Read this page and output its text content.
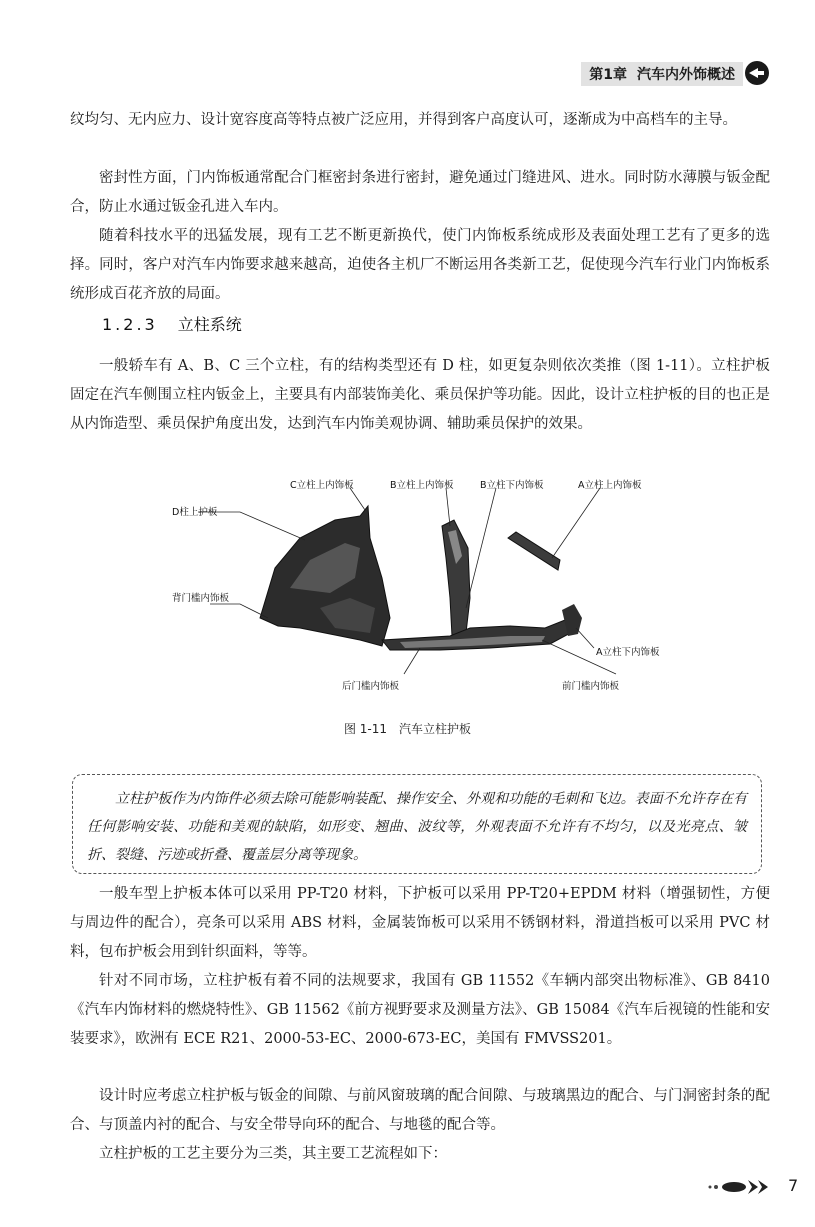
第1章 汽车内外饰概述

纹均匀、无内应力、设计宽容度高等特点被广泛应用，并得到客户高度认可，逐渐成为中高档车的主导。

密封性方面，门内饰板通常配合门框密封条进行密封，避免通过门缝进风、进水。同时防水薄膜与钣金配合，防止水通过钣金孔进入车内。

随着科技水平的迅猛发展，现有工艺不断更新换代，使门内饰板系统成形及表面处理工艺有了更多的选择。同时，客户对汽车内饰要求越来越高，迫使各主机厂不断运用各类新工艺，促使现今汽车行业门内饰板系统形成百花齐放的局面。

1.2.3 立柱系统

一般轿车有 A、B、C 三个立柱，有的结构类型还有 D 柱，如更复杂则依次类推（图 1-11）。立柱护板固定在汽车侧围立柱内钣金上，主要具有内部装饰美化、乘员保护等功能。因此，设计立柱护板的目的也正是从内饰造型、乘员保护角度出发，达到汽车内饰美观协调、辅助乘员保护的效果。

C立柱上内饰板	B立柱上内饰板	B立柱下内饰板	A立柱上内饰板
D柱上护板
背门槛内饰板
A立柱下内饰板
后门槛内饰板	前门槛内饰板
图 1-11　汽车立柱护板

立柱护板作为内饰件必须去除可能影响装配、操作安全、外观和功能的毛刺和飞边。表面不允许存在有任何影响安装、功能和美观的缺陷，如形变、翘曲、波纹等，外观表面不允许有不均匀，以及光亮点、皱折、裂缝、污迹或折叠、覆盖层分离等现象。

一般车型上护板本体可以采用 PP-T20 材料，下护板可以采用 PP-T20+EPDM 材料（增强韧性，方便与周边件的配合），亮条可以采用 ABS 材料，金属装饰板可以采用不锈钢材料，滑道挡板可以采用 PVC 材料，包布护板会用到针织面料，等等。

针对不同市场，立柱护板有着不同的法规要求，我国有 GB 11552《车辆内部突出物标准》、GB 8410《汽车内饰材料的燃烧特性》、GB 11562《前方视野要求及测量方法》、GB 15084《汽车后视镜的性能和安装要求》，欧洲有 ECE R21、2000-53-EC、2000-673-EC，美国有 FMVSS201。

设计时应考虑立柱护板与钣金的间隙、与前风窗玻璃的配合间隙、与玻璃黑边的配合、与门洞密封条的配合、与顶盖内衬的配合、与安全带导向环的配合、与地毯的配合等。

立柱护板的工艺主要分为三类，其主要工艺流程如下：

7
